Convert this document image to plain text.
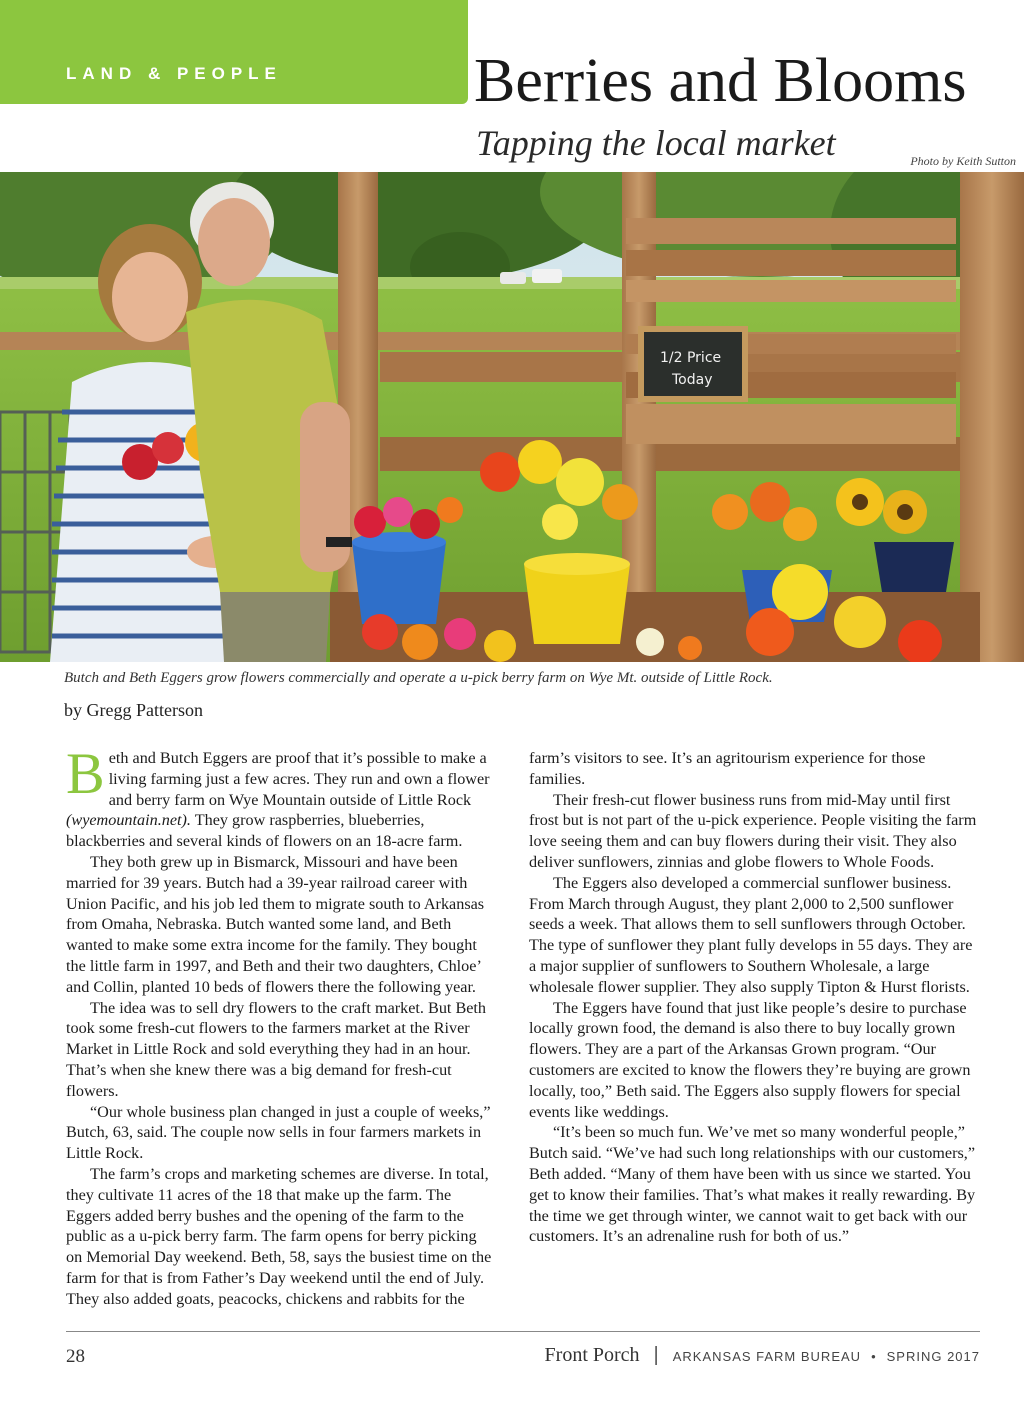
LAND & PEOPLE	Berries and Blooms
Tapping the local market	Photo by Keith Sutton
1/2 Price
Today
Butch and Beth Eggers grow flowers commercially and operate a u-pick berry farm on Wye Mt. outside of Little Rock.
by Gregg Patterson

Beth and Butch Eggers are proof that it’s possible to make a living farming just a few acres. They run and own a flower and berry farm on Wye Mountain outside of Little Rock (wyemountain.net). They grow raspberries, blueberries, blackberries and several kinds of flowers on an 18-acre farm.

They both grew up in Bismarck, Missouri and have been married for 39 years. Butch had a 39-year railroad career with Union Pacific, and his job led them to migrate south to Arkansas from Omaha, Nebraska. Butch wanted some land, and Beth wanted to make some extra income for the family. They bought the little farm in 1997, and Beth and their two daughters, Chloe’ and Collin, planted 10 beds of flowers there the following year.

The idea was to sell dry flowers to the craft market. But Beth took some fresh-cut flowers to the farmers market at the River Market in Little Rock and sold everything they had in an hour. That’s when she knew there was a big demand for fresh-cut flowers.

“Our whole business plan changed in just a couple of weeks,” Butch, 63, said. The couple now sells in four farmers markets in Little Rock.

The farm’s crops and marketing schemes are diverse. In total, they cultivate 11 acres of the 18 that make up the farm. The Eggers added berry bushes and the opening of the farm to the public as a u-pick berry farm. The farm opens for berry picking on Memorial Day weekend. Beth, 58, says the busiest time on the farm for that is from Father’s Day weekend until the end of July. They also added goats, peacocks, chickens and rabbits for the

farm’s visitors to see. It’s an agritourism experience for those families.

Their fresh-cut flower business runs from mid-May until first frost but is not part of the u-pick experience. People visiting the farm love seeing them and can buy flowers during their visit. They also deliver sunflowers, zinnias and globe flowers to Whole Foods.

The Eggers also developed a commercial sunflower business. From March through August, they plant 2,000 to 2,500 sunflower seeds a week. That allows them to sell sunflowers through October. The type of sunflower they plant fully develops in 55 days. They are a major supplier of sunflowers to Southern Wholesale, a large wholesale flower supplier. They also supply Tipton & Hurst florists.

The Eggers have found that just like people’s desire to purchase locally grown food, the demand is also there to buy locally grown flowers. They are a part of the Arkansas Grown program. “Our customers are excited to know the flowers they’re buying are grown locally, too,” Beth said. The Eggers also supply flowers for special events like weddings.

“It’s been so much fun. We’ve met so many wonderful people,” Butch said. “We’ve had such long relationships with our customers,” Beth added. “Many of them have been with us since we started. You get to know their families. That’s what makes it really rewarding. By the time we get through winter, we cannot wait to get back with our customers. It’s an adrenaline rush for both of us.”

28	Front Porch | ARKANSAS FARM BUREAU • SPRING 2017
